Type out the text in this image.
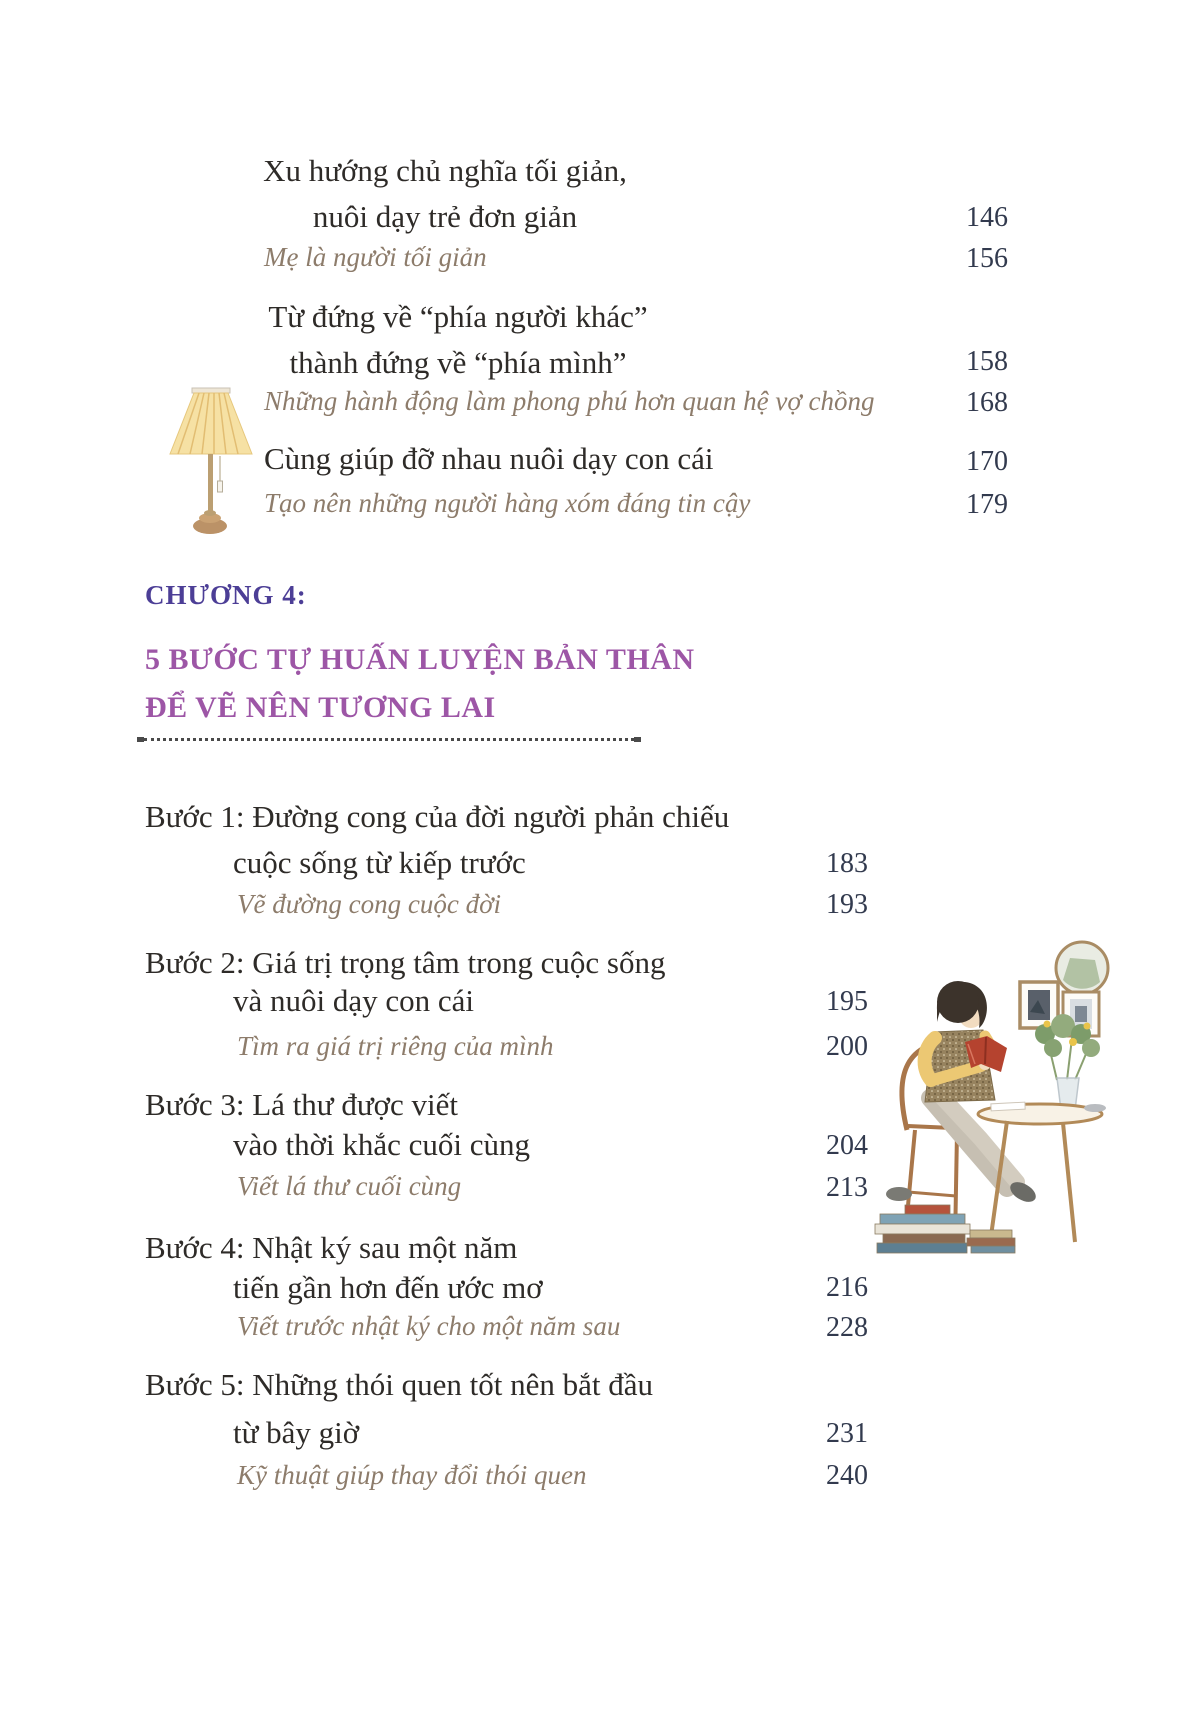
Xu hướng chủ nghĩa tối giản,
nuôi dạy trẻ đơn giản
Mẹ là người tối giản
146
156
Từ đứng về “phía người khác”
thành đứng về “phía mình”
Những hành động làm phong phú hơn quan hệ vợ chồng
158
168
Cùng giúp đỡ nhau nuôi dạy con cái
Tạo nên những người hàng xóm đáng tin cậy
170
179
CHƯƠNG 4:
5 BƯỚC TỰ HUẤN LUYỆN BẢN THÂN
ĐỂ VẼ NÊN TƯƠNG LAI
Bước 1: Đường cong của đời người phản chiếu
cuộc sống từ kiếp trước
Vẽ đường cong cuộc đời
183
193
Bước 2: Giá trị trọng tâm trong cuộc sống
và nuôi dạy con cái
Tìm ra giá trị riêng của mình
195
200
Bước 3: Lá thư được viết
vào thời khắc cuối cùng
Viết lá thư cuối cùng
204
213
Bước 4: Nhật ký sau một năm
tiến gần hơn đến ước mơ
Viết trước nhật ký cho một năm sau
216
228
Bước 5: Những thói quen tốt nên bắt đầu
từ bây giờ
Kỹ thuật giúp thay đổi thói quen
231
240
